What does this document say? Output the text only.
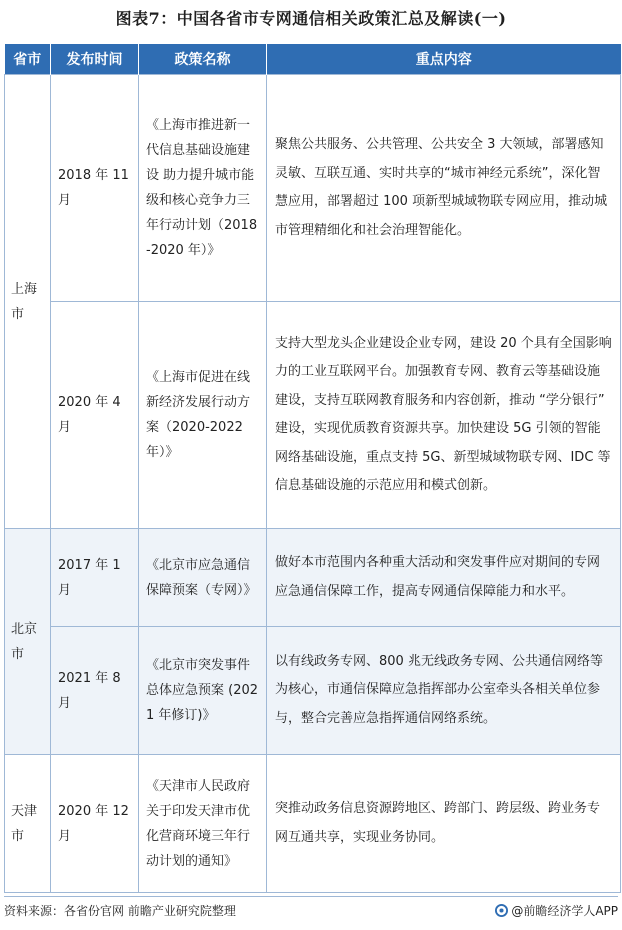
图表7：中国各省市专网通信相关政策汇总及解读(一)
省市	发布时间	政策名称	重点内容
上海市	2018 年 11 月	《上海市推进新一代信息基础设施建设 助力提升城市能级和核心竞争力三年行动计划（2018-2020 年）》	聚焦公共服务、公共管理、公共安全 3 大领域，部署感知灵敏、互联互通、实时共享的“城市神经元系统”，深化智慧应用，部署超过 100 项新型城域物联专网应用，推动城市管理精细化和社会治理智能化。
	2020 年 4 月	《上海市促进在线新经济发展行动方案（2020-2022 年）》	支持大型龙头企业建设企业专网，建设 20 个具有全国影响力的工业互联网平台。加强教育专网、教育云等基础设施建设，支持互联网教育服务和内容创新，推动 “学分银行” 建设，实现优质教育资源共享。加快建设 5G 引领的智能网络基础设施，重点支持 5G、新型城域物联专网、IDC 等信息基础设施的示范应用和模式创新。
北京市	2017 年 1 月	《北京市应急通信保障预案（专网）》	做好本市范围内各种重大活动和突发事件应对期间的专网应急通信保障工作，提高专网通信保障能力和水平。
	2021 年 8 月	《北京市突发事件总体应急预案 (2021 年修订)》	以有线政务专网、800 兆无线政务专网、公共通信网络等为核心，市通信保障应急指挥部办公室牵头各相关单位参与，整合完善应急指挥通信网络系统。
天津市	2020 年 12 月	《天津市人民政府关于印发天津市优化营商环境三年行动计划的通知》	突推动政务信息资源跨地区、跨部门、跨层级、跨业务专网互通共享，实现业务协同。
资料来源：各省份官网 前瞻产业研究院整理	@前瞻经济学人APP
